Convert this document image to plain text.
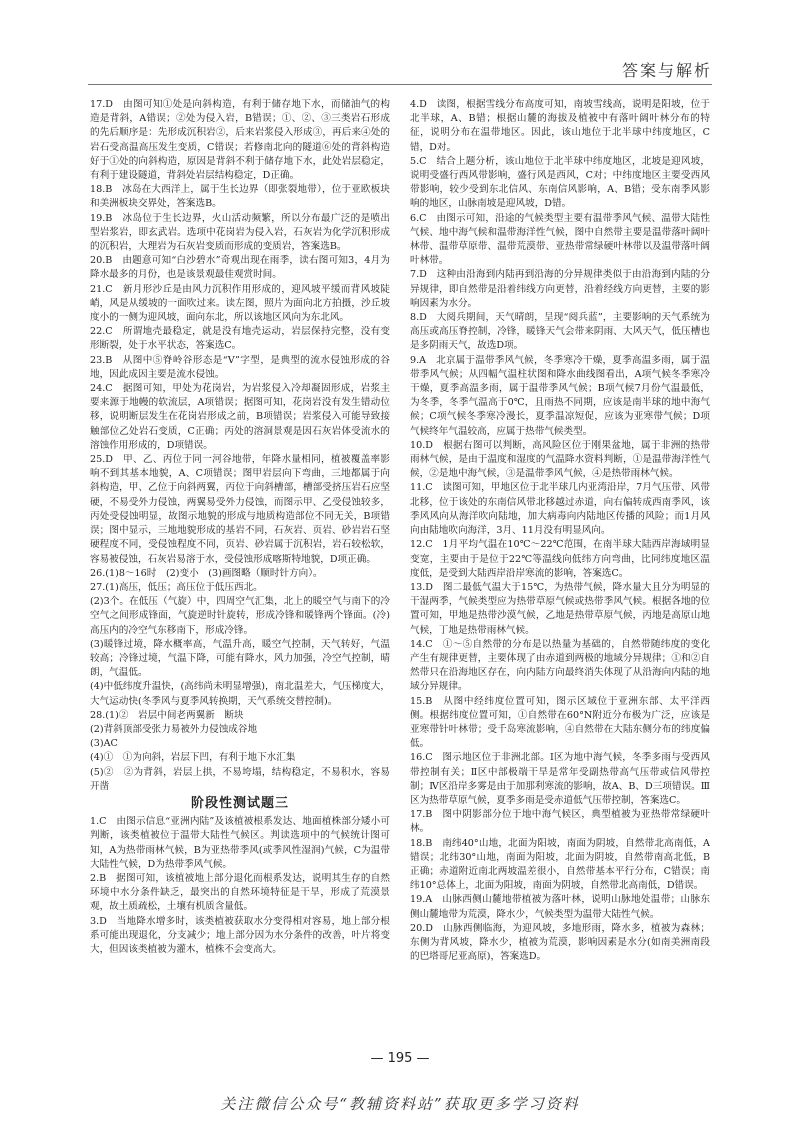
答案与解析

17.D　由图可知①处是向斜构造，有利于储存地下水，而储油气的构造是背斜，A错误；②处为侵入岩，B错误；①、②、③三类岩石形成的先后顺序是：先形成沉积岩②，后来岩浆侵入形成③，再后来④处的岩石受高温高压发生变质，C错误；若修南北向的隧道⑥处的背斜构造好于①处的向斜构造，原因是背斜不利于储存地下水，此处岩层稳定，有利于建设隧道，背斜处岩层结构稳定，D正确。

18.B　冰岛在大西洋上，属于生长边界（即张裂地带），位于亚欧板块和美洲板块交界处，答案选B。

19.B　冰岛位于生长边界，火山活动频繁，所以分布最广泛的是喷出型岩浆岩，即玄武岩。选项中花岗岩为侵入岩，石灰岩为化学沉积形成的沉积岩，大理岩为石灰岩变质而形成的变质岩，答案选B。

20.B　由题意可知“白沙碧水”奇观出现在雨季，读右图可知3，4月为降水最多的月份，也是该景观最佳观赏时间。

21.C　新月形沙丘是由风力沉积作用形成的，迎风坡平缓而背风坡陡峭，风是从缓坡的一面吹过来。读左图，照片为面向北方拍摄，沙丘坡度小的一侧为迎风坡，面向东北，所以该地区风向为东北风。

22.C　所谓地壳最稳定，就是没有地壳运动，岩层保持完整，没有变形断裂，处于水平状态，答案选C。

23.B　从图中⑤脊岭谷形态是“V”字型，是典型的流水侵蚀形成的谷地，因此成因主要是流水侵蚀。

24.C　据图可知，甲处为花岗岩，为岩浆侵入冷却凝固形成，岩浆主要来源于地幔的软流层，A项错误；据图可知，花岗岩没有发生错动位移，说明断层发生在花岗岩形成之前，B项错误；岩浆侵入可能导致接触部位乙处岩石变质，C正确；丙处的溶洞景观是因石灰岩体受流水的溶蚀作用形成的，D项错误。

25.D　甲、乙、丙位于同一河谷地带，年降水量相同，植被覆盖率影响不到其基本地貌，A、C项错误；图甲岩层向下弯曲，三地都属于向斜构造，甲、乙位于向斜两翼，丙位于向斜槽部，槽部受挤压岩石应坚硬，不易受外力侵蚀，两翼易受外力侵蚀，而图示甲、乙受侵蚀较多，丙处受侵蚀明显，故图示地貌的形成与地质构造部位不同无关，B项错误；图中显示，三地地貌形成的基岩不同，石灰岩、页岩、砂岩岩石坚硬程度不同，受侵蚀程度不同，页岩、砂岩属于沉积岩，岩石较松软，容易被侵蚀，石灰岩易溶于水，受侵蚀形成喀斯特地貌，D项正确。

26.(1)8～16时　(2)变小　(3)画图略（顺时针方向）。

27.(1)高压，低压；高压位于低压西北。

(2)3个。在低压（气旋）中，四周空气汇集，北上的暖空气与南下的冷空气之间形成锋面，气旋逆时针旋转，形成冷锋和暖锋两个锋面。(冷)高压内的冷空气东移南下，形成冷锋。

(3)暖锋过境，降水概率高，气温升高，暖空气控制，天气转好，气温较高；冷锋过境，气温下降，可能有降水，风力加强，冷空气控制，晴朗，气温低。

(4)中低纬度升温快，(高纬尚未明显增强)，南北温差大，气压梯度大，大气运动快(冬季风与夏季风转换期，天气系统交替控制)。

28.(1)②　岩层中间老两翼新　断块

(2)背斜顶部受张力易被外力侵蚀成谷地

(3)AC

(4)①　①为向斜，岩层下凹，有利于地下水汇集

(5)②　②为背斜，岩层上拱，不易垮塌，结构稳定，不易积水，容易开凿

阶段性测试题三

1.C　由图示信息“亚洲内陆”及该植被根系发达、地面植株部分矮小可判断，该类植被位于温带大陆性气候区。判读选项中的气候统计图可知，A为热带雨林气候，B为亚热带季风(或季风性湿润)气候，C为温带大陆性气候，D为热带季风气候。

2.B　据图可知，该植被地上部分退化而根系发达，说明其生存的自然环境中水分条件缺乏，最突出的自然环境特征是干旱，形成了荒漠景观，故土质疏松，土壤有机质含量低。

3.D　当地降水增多时，该类植被获取水分变得相对容易，地上部分根系可能出现退化，分支减少；地上部分因为水分条件的改善，叶片将变大，但因该类植被为灌木，植株不会变高大。

4.D　读图，根据雪线分布高度可知，南坡雪线高，说明是阳坡，位于北半球，A、B错；根据山麓的海拔及植被中有落叶阔叶林分布的特征，说明分布在温带地区。因此，该山地位于北半球中纬度地区，C错，D对。

5.C　结合上题分析，该山地位于北半球中纬度地区，北坡是迎风坡，说明受盛行西风带影响，盛行风是西风，C对；中纬度地区主要受西风带影响，较少受到东北信风、东南信风影响，A、B错；受东南季风影响的地区，山脉南坡是迎风坡，D错。

6.C　由图示可知，沿途的气候类型主要有温带季风气候、温带大陆性气候、地中海气候和温带海洋性气候，图中自然带主要是温带落叶阔叶林带、温带草原带、温带荒漠带、亚热带常绿硬叶林带以及温带落叶阔叶林带。

7.D　这种由沿海到内陆再到沿海的分异规律类似于由沿海到内陆的分异规律，即自然带是沿着纬线方向更替，沿着经线方向更替，主要的影响因素为水分。

8.D　大阅兵期间，天气晴朗，呈现“阅兵蓝”，主要影响的天气系统为高压或高压脊控制，冷锋，暖锋天气会带来阴雨、大风天气，低压槽也是多阴雨天气，故选D项。

9.A　北京属于温带季风气候，冬季寒冷干燥，夏季高温多雨，属于温带季风气候；从四幅气温柱状图和降水曲线图看出，A项气候冬季寒冷干燥，夏季高温多雨，属于温带季风气候；B项气候7月份气温最低，为冬季，冬季气温高于0℃，且雨热不同期，应该是南半球的地中海气候；C项气候冬季寒冷漫长，夏季温凉短促，应该为亚寒带气候；D项气候终年气温较高，应属于热带气候类型。

10.D　根据右图可以判断，高风险区位于刚果盆地，属于非洲的热带雨林气候，是由于温度和湿度的气温降水资料判断，①是温带海洋性气候，②是地中海气候，③是温带季风气候，④是热带雨林气候。

11.C　读图可知，甲地区位于北半球几内亚湾沿岸，7月气压带、风带北移，位于该处的东南信风带北移越过赤道，向右偏转成西南季风，该季风风向从海洋吹向陆地，加大病毒向内陆地区传播的风险；而1月风向由陆地吹向海洋，3月、11月没有明显风向。

12.C　1月平均气温在10℃～22℃范围，在南半球大陆西岸海域明显变宽，主要由于是位于22℃等温线向低纬方向弯曲，比同纬度地区温度低，是受到大陆西岸沿岸寒流的影响，答案选C。

13.D　图二最低气温大于15℃，为热带气候，降水量大且分为明显的干湿两季，气候类型应为热带草原气候或热带季风气候。根据各地的位置可知，甲地是热带沙漠气候，乙地是热带草原气候，丙地是高原山地气候，丁地是热带雨林气候。

14.C　①～⑤自然带的分布是以热量为基础的，自然带随纬度的变化产生有规律更替，主要体现了由赤道到两极的地域分异规律；①和②自然带只在沿海地区存在，向内陆方向最终消失体现了从沿海向内陆的地域分异规律。

15.B　从图中经纬度位置可知，图示区域位于亚洲东部、太平洋西侧。根据纬度位置可知，①自然带在60°N附近分布极为广泛，应该是亚寒带针叶林带；受千岛寒流影响，④自然带在大陆东侧分布的纬度偏低。

16.C　图示地区位于非洲北部。Ⅰ区为地中海气候，冬季多雨与受西风带控制有关；Ⅱ区中部极端干旱是常年受副热带高气压带或信风带控制；Ⅳ区沿岸多雾是由于加那利寒流的影响，故A、B、D三项错误。Ⅲ区为热带草原气候，夏季多雨是受赤道低气压带控制，答案选C。

17.B　图中阴影部分位于地中海气候区，典型植被为亚热带常绿硬叶林。

18.B　南纬40°山地，北面为阳坡，南面为阴坡，自然带北高南低，A错误；北纬30°山地，南面为阳坡，北面为阴坡，自然带南高北低，B正确；赤道附近南北两坡温差很小，自然带基本平行分布，C错误；南纬10°总体上，北面为阳坡，南面为阴坡，自然带北高南低，D错误。

19.A　山脉西侧山麓地带植被为落叶林，说明山脉地处温带；山脉东侧山麓地带为荒漠，降水少，气候类型为温带大陆性气候。

20.D　山脉西侧临海，为迎风坡，多地形雨，降水多，植被为森林；东侧为背风坡，降水少，植被为荒漠，影响因素是水分(如南美洲南段的巴塔哥尼亚高原)，答案选D。

— 195 —
关注微信公众号“教辅资料站”获取更多学习资料
